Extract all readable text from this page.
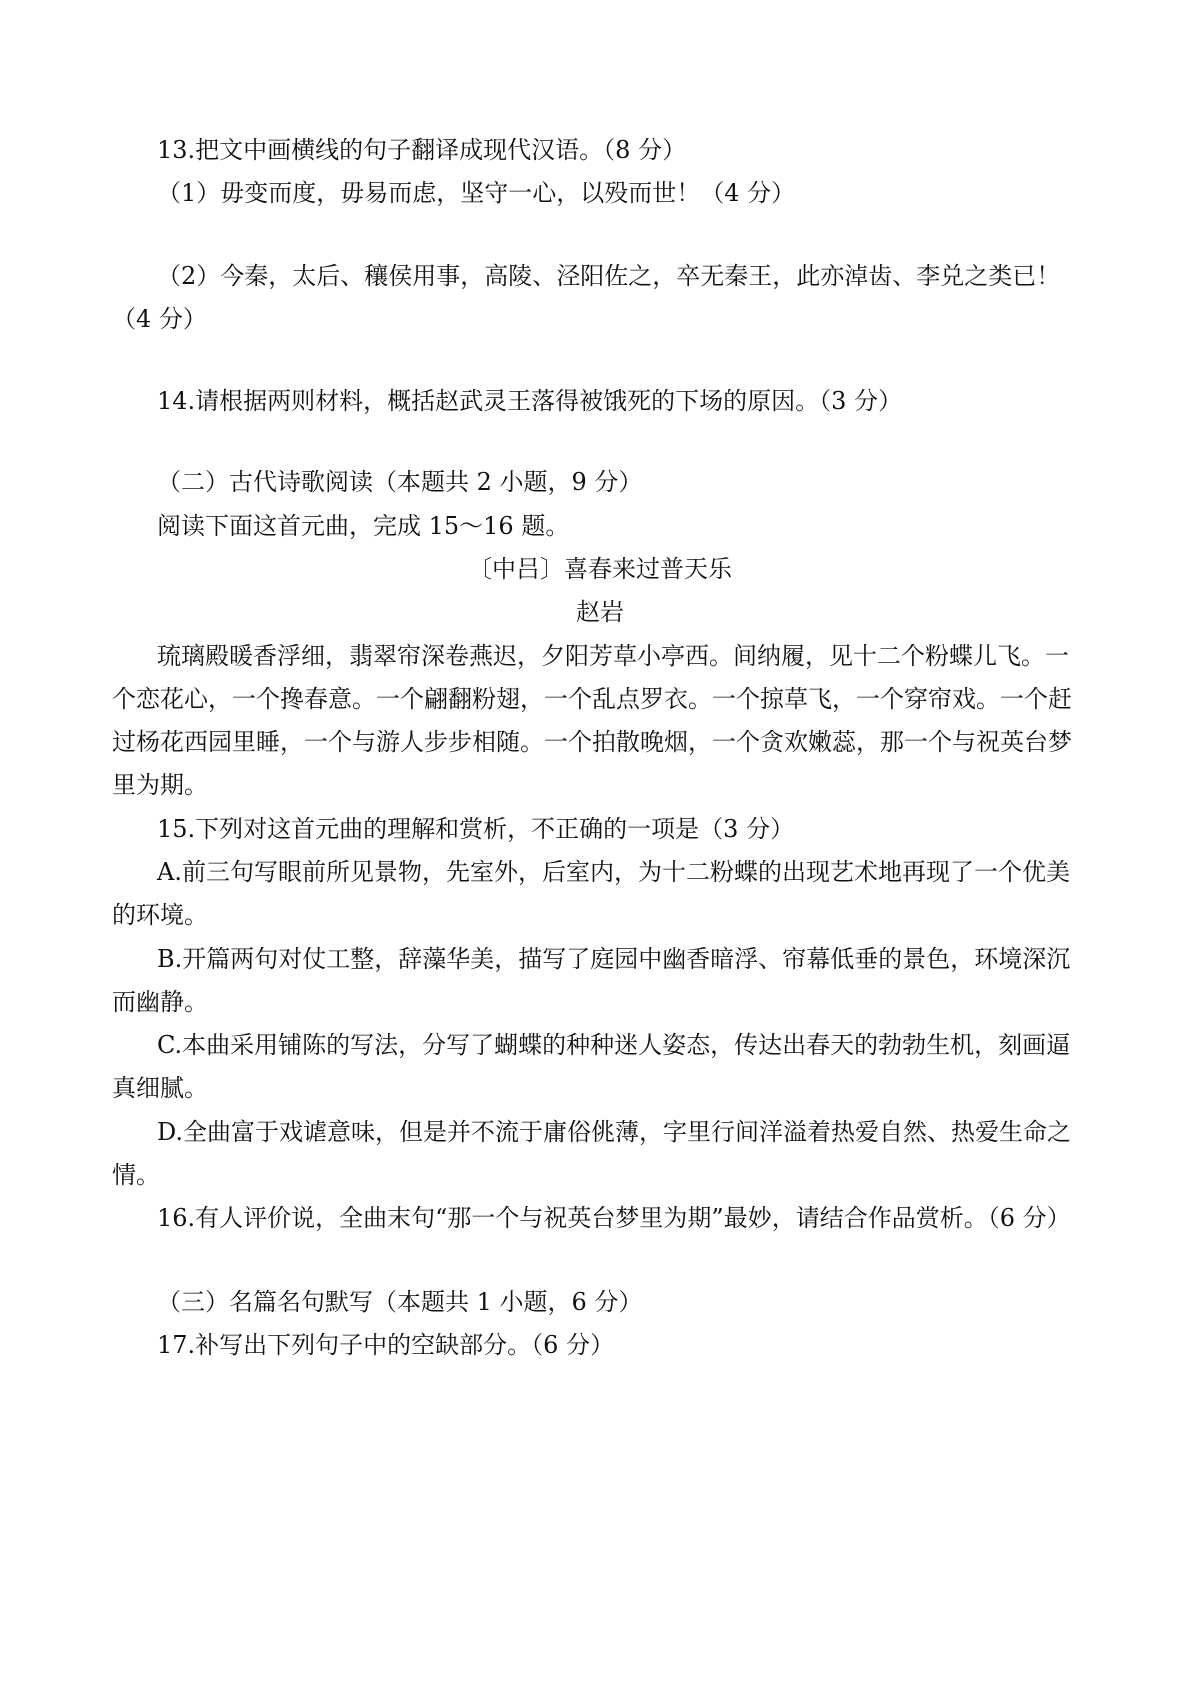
13.把文中画横线的句子翻译成现代汉语。（8 分）
（1）毋变而度，毋易而虑，坚守一心，以殁而世！（4 分）
（2）今秦，太后、穰侯用事，高陵、泾阳佐之，卒无秦王，此亦淖齿、李兑之类已！
（4 分）
14.请根据两则材料，概括赵武灵王落得被饿死的下场的原因。（3 分）
（二）古代诗歌阅读（本题共 2 小题，9 分）
阅读下面这首元曲，完成 15～16 题。
〔中吕〕喜春来过普天乐
赵岩
琉璃殿暖香浮细，翡翠帘深卷燕迟，夕阳芳草小亭西。间纳履，见十二个粉蝶儿飞。一
个恋花心，一个搀春意。一个翩翻粉翅，一个乱点罗衣。一个掠草飞，一个穿帘戏。一个赶
过杨花西园里睡，一个与游人步步相随。一个拍散晚烟，一个贪欢嫩蕊，那一个与祝英台梦
里为期。
15.下列对这首元曲的理解和赏析，不正确的一项是（3 分）
A.前三句写眼前所见景物，先室外，后室内，为十二粉蝶的出现艺术地再现了一个优美
的环境。
B.开篇两句对仗工整，辞藻华美，描写了庭园中幽香暗浮、帘幕低垂的景色，环境深沉
而幽静。
C.本曲采用铺陈的写法，分写了蝴蝶的种种迷人姿态，传达出春天的勃勃生机，刻画逼
真细腻。
D.全曲富于戏谑意味，但是并不流于庸俗佻薄，字里行间洋溢着热爱自然、热爱生命之
情。
16.有人评价说，全曲末句“那一个与祝英台梦里为期”最妙，请结合作品赏析。（6 分）
（三）名篇名句默写（本题共 1 小题，6 分）
17.补写出下列句子中的空缺部分。（6 分）
